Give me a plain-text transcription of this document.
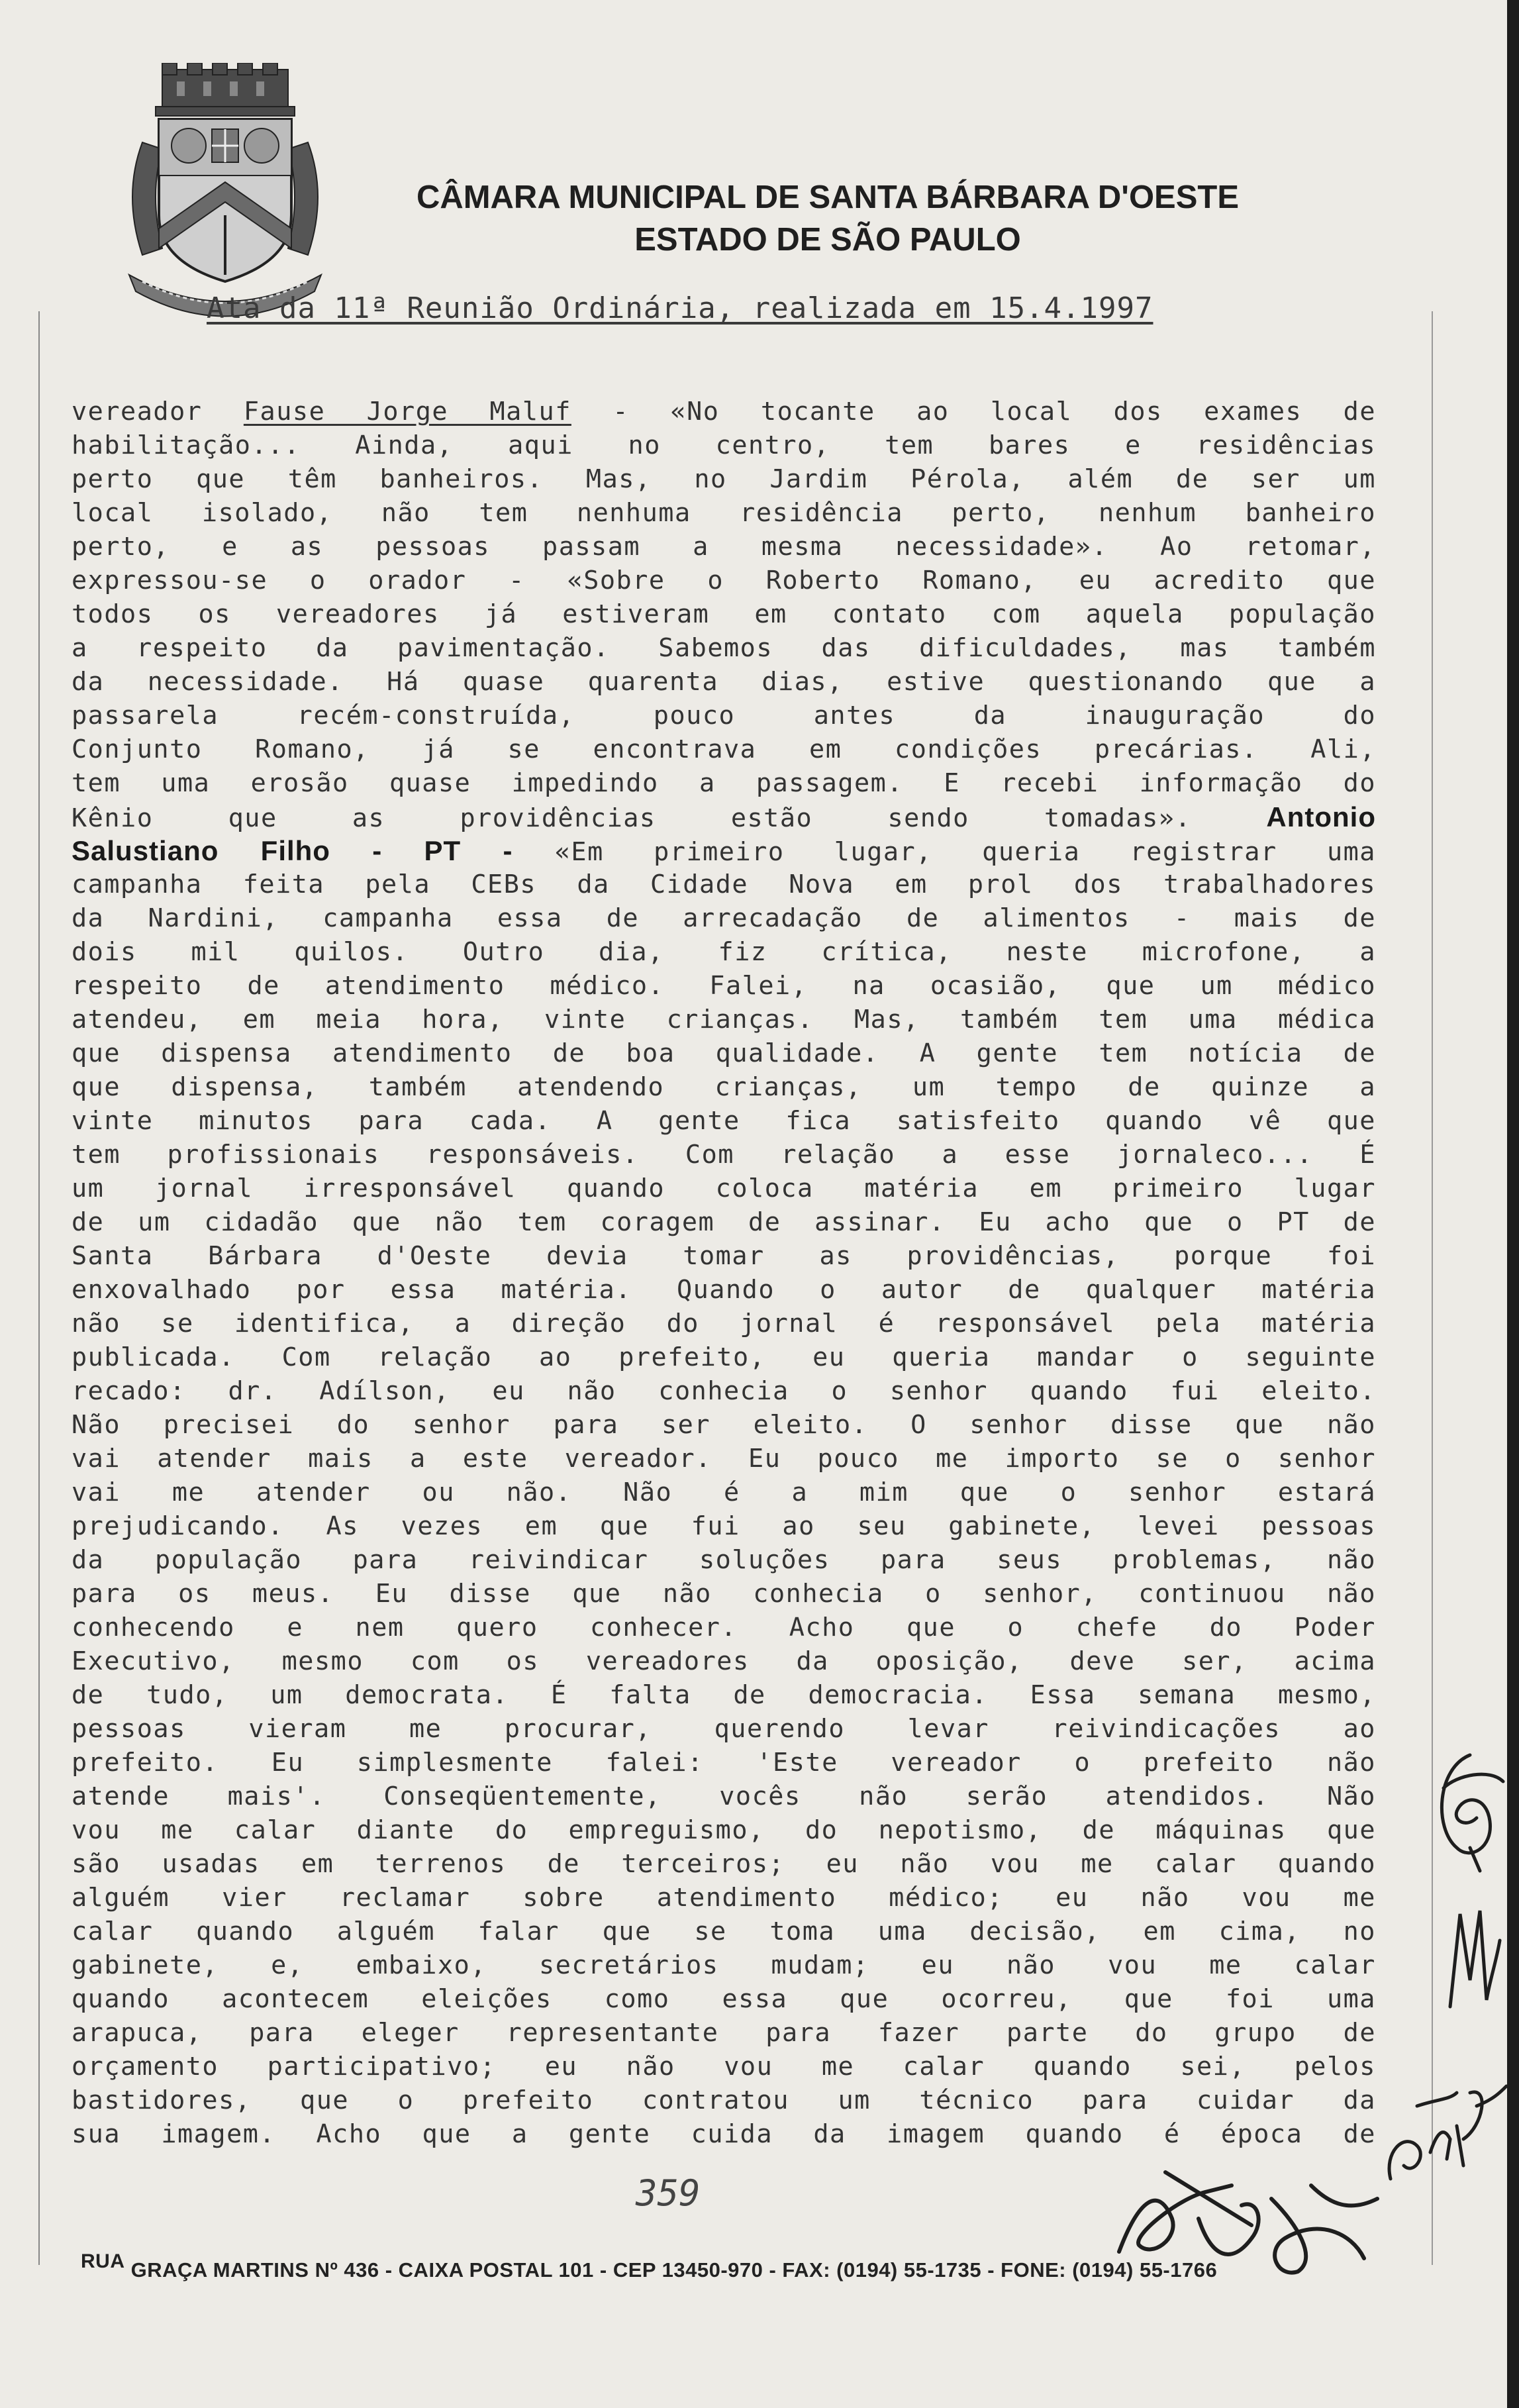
CÂMARA MUNICIPAL DE SANTA BÁRBARA D'OESTE
ESTADO DE SÃO PAULO
Ata da 11ª Reunião Ordinária, realizada em 15.4.1997
vereador Fause Jorge Maluf - «No tocante ao local dos exames de
habilitação... Ainda, aqui no centro, tem bares e residências
perto que têm banheiros. Mas, no Jardim Pérola, além de ser um
local isolado, não tem nenhuma residência perto, nenhum banheiro
perto, e as pessoas passam a mesma necessidade». Ao retomar,
expressou-se o orador - «Sobre o Roberto Romano, eu acredito que
todos os vereadores já estiveram em contato com aquela população
a respeito da pavimentação. Sabemos das dificuldades, mas também
da necessidade. Há quase quarenta dias, estive questionando que a
passarela recém-construída, pouco antes da inauguração do
Conjunto Romano, já se encontrava em condições precárias. Ali,
tem uma erosão quase impedindo a passagem. E recebi informação do
Kênio que as providências estão sendo tomadas». Antonio
Salustiano Filho - PT - «Em primeiro lugar, queria registrar uma
campanha feita pela CEBs da Cidade Nova em prol dos trabalhadores
da Nardini, campanha essa de arrecadação de alimentos - mais de
dois mil quilos. Outro dia, fiz crítica, neste microfone, a
respeito de atendimento médico. Falei, na ocasião, que um médico
atendeu, em meia hora, vinte crianças. Mas, também tem uma médica
que dispensa atendimento de boa qualidade. A gente tem notícia de
que dispensa, também atendendo crianças, um tempo de quinze a
vinte minutos para cada. A gente fica satisfeito quando vê que
tem profissionais responsáveis. Com relação a esse jornaleco... É
um jornal irresponsável quando coloca matéria em primeiro lugar
de um cidadão que não tem coragem de assinar. Eu acho que o PT de
Santa Bárbara d'Oeste devia tomar as providências, porque foi
enxovalhado por essa matéria. Quando o autor de qualquer matéria
não se identifica, a direção do jornal é responsável pela matéria
publicada. Com relação ao prefeito, eu queria mandar o seguinte
recado: dr. Adílson, eu não conhecia o senhor quando fui eleito.
Não precisei do senhor para ser eleito. O senhor disse que não
vai atender mais a este vereador. Eu pouco me importo se o senhor
vai me atender ou não. Não é a mim que o senhor estará
prejudicando. As vezes em que fui ao seu gabinete, levei pessoas
da população para reivindicar soluções para seus problemas, não
para os meus. Eu disse que não conhecia o senhor, continuou não
conhecendo e nem quero conhecer. Acho que o chefe do Poder
Executivo, mesmo com os vereadores da oposição, deve ser, acima
de tudo, um democrata. É falta de democracia. Essa semana mesmo,
pessoas vieram me procurar, querendo levar reivindicações ao
prefeito. Eu simplesmente falei: 'Este vereador o prefeito não
atende mais'. Conseqüentemente, vocês não serão atendidos. Não
vou me calar diante do empreguismo, do nepotismo, de máquinas que
são usadas em terrenos de terceiros; eu não vou me calar quando
alguém vier reclamar sobre atendimento médico; eu não vou me
calar quando alguém falar que se toma uma decisão, em cima, no
gabinete, e, embaixo, secretários mudam; eu não vou me calar
quando acontecem eleições como essa que ocorreu, que foi uma
arapuca, para eleger representante para fazer parte do grupo de
orçamento participativo; eu não vou me calar quando sei, pelos
bastidores, que o prefeito contratou um técnico para cuidar da
sua imagem. Acho que a gente cuida da imagem quando é época de
359
RUA GRAÇA MARTINS Nº 436 - CAIXA POSTAL 101 - CEP 13450-970 - FAX: (0194) 55-1735 - FONE: (0194) 55-1766
